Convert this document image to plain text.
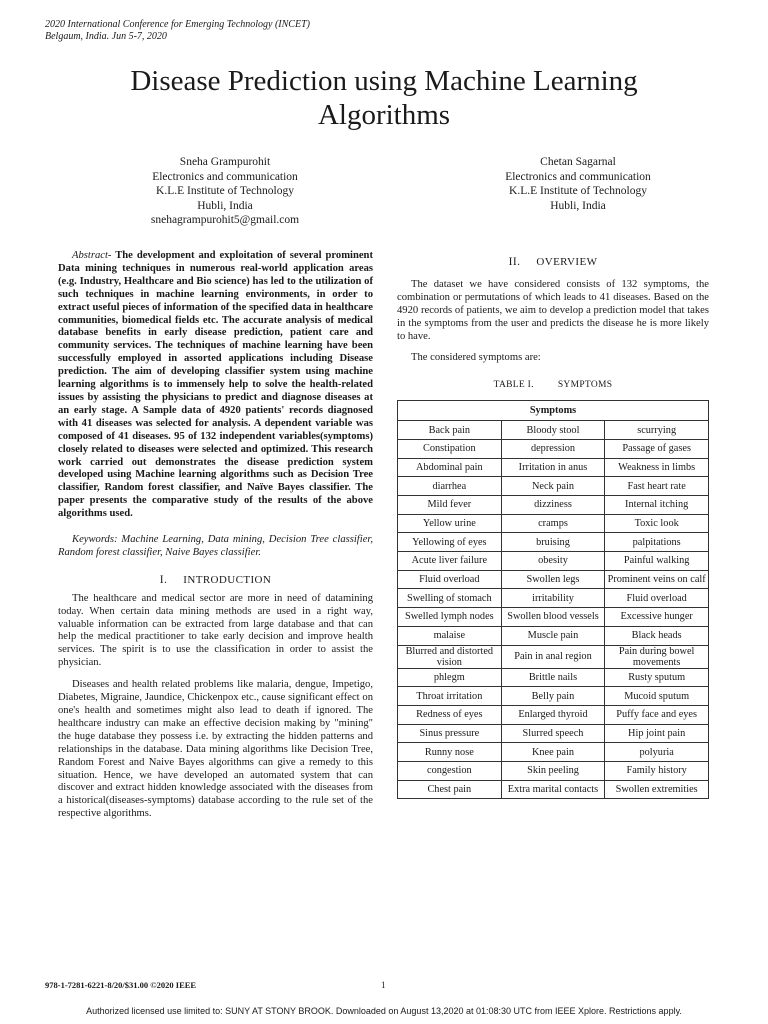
2020 International Conference for Emerging Technology (INCET)
Belgaum, India. Jun 5-7, 2020
Disease Prediction using Machine Learning Algorithms
Sneha Grampurohit
Electronics and communication
K.L.E Institute of Technology
Hubli, India
snehagrampurohit5@gmail.com
Chetan Sagarnal
Electronics and communication
K.L.E Institute of Technology
Hubli, India

Abstract- The development and exploitation of several prominent Data mining techniques in numerous real-world application areas (e.g. Industry, Healthcare and Bio science) has led to the utilization of such techniques in machine learning environments, in order to extract useful pieces of information of the specified data in healthcare communities, biomedical fields etc. The accurate analysis of medical database benefits in early disease prediction, patient care and community services. The techniques of machine learning have been successfully employed in assorted applications including Disease prediction. The aim of developing classifier system using machine learning algorithms is to immensely help to solve the health-related issues by assisting the physicians to predict and diagnose diseases at an early stage. A Sample data of 4920 patients' records diagnosed with 41 diseases was selected for analysis. A dependent variable was composed of 41 diseases. 95 of 132 independent variables(symptoms) closely related to diseases were selected and optimized. This research work carried out demonstrates the disease prediction system developed using Machine learning algorithms such as Decision Tree classifier, Random forest classifier, and Naïve Bayes classifier. The paper presents the comparative study of the results of the above algorithms used.

Keywords: Machine Learning, Data mining, Decision Tree classifier, Random forest classifier, Naive Bayes classifier.

I. INTRODUCTION

The healthcare and medical sector are more in need of datamining today. When certain data mining methods are used in a right way, valuable information can be extracted from large database and that can help the medical practitioner to take early decision and improve health services. The spirit is to use the classification in order to assist the physician.

Diseases and health related problems like malaria, dengue, Impetigo, Diabetes, Migraine, Jaundice, Chickenpox etc., cause significant effect on one's health and sometimes might also lead to death if ignored. The healthcare industry can make an effective decision making by "mining" the huge database they possess i.e. by extracting the hidden patterns and relationships in the database. Data mining algorithms like Decision Tree, Random Forest and Naive Bayes algorithms can give a remedy to this situation. Hence, we have developed an automated system that can discover and extract hidden knowledge associated with the diseases from a historical(diseases-symptoms) database according to the rule set of the respective algorithms.

II. OVERVIEW

The dataset we have considered consists of 132 symptoms, the combination or permutations of which leads to 41 diseases. Based on the 4920 records of patients, we aim to develop a prediction model that takes in the symptoms from the user and predicts the disease he is more likely to have.

The considered symptoms are:

TABLE I.	SYMPTOMS
Symptoms		
Back pain	Bloody stool	scurrying
Constipation	depression	Passage of gases
Abdominal pain	Irritation in anus	Weakness in limbs
diarrhea	Neck pain	Fast heart rate
Mild fever	dizziness	Internal itching
Yellow urine	cramps	Toxic look
Yellowing of eyes	bruising	palpitations
Acute liver failure	obesity	Painful walking
Fluid overload	Swollen legs	Prominent veins on calf
Swelling of stomach	irritability	Fluid overload
Swelled lymph nodes	Swollen blood vessels	Excessive hunger
malaise	Muscle pain	Black heads
Blurred and distorted vision	Pain in anal region	Pain during bowel movements
phlegm	Brittle nails	Rusty sputum
Throat irritation	Belly pain	Mucoid sputum
Redness of eyes	Enlarged thyroid	Puffy face and eyes
Sinus pressure	Slurred speech	Hip joint pain
Runny nose	Knee pain	polyuria
congestion	Skin peeling	Family history
Chest pain	Extra marital contacts	Swollen extremities
978-1-7281-6221-8/20/$31.00 ©2020 IEEE	1
Authorized licensed use limited to: SUNY AT STONY BROOK. Downloaded on August 13,2020 at 01:08:30 UTC from IEEE Xplore. Restrictions apply.
